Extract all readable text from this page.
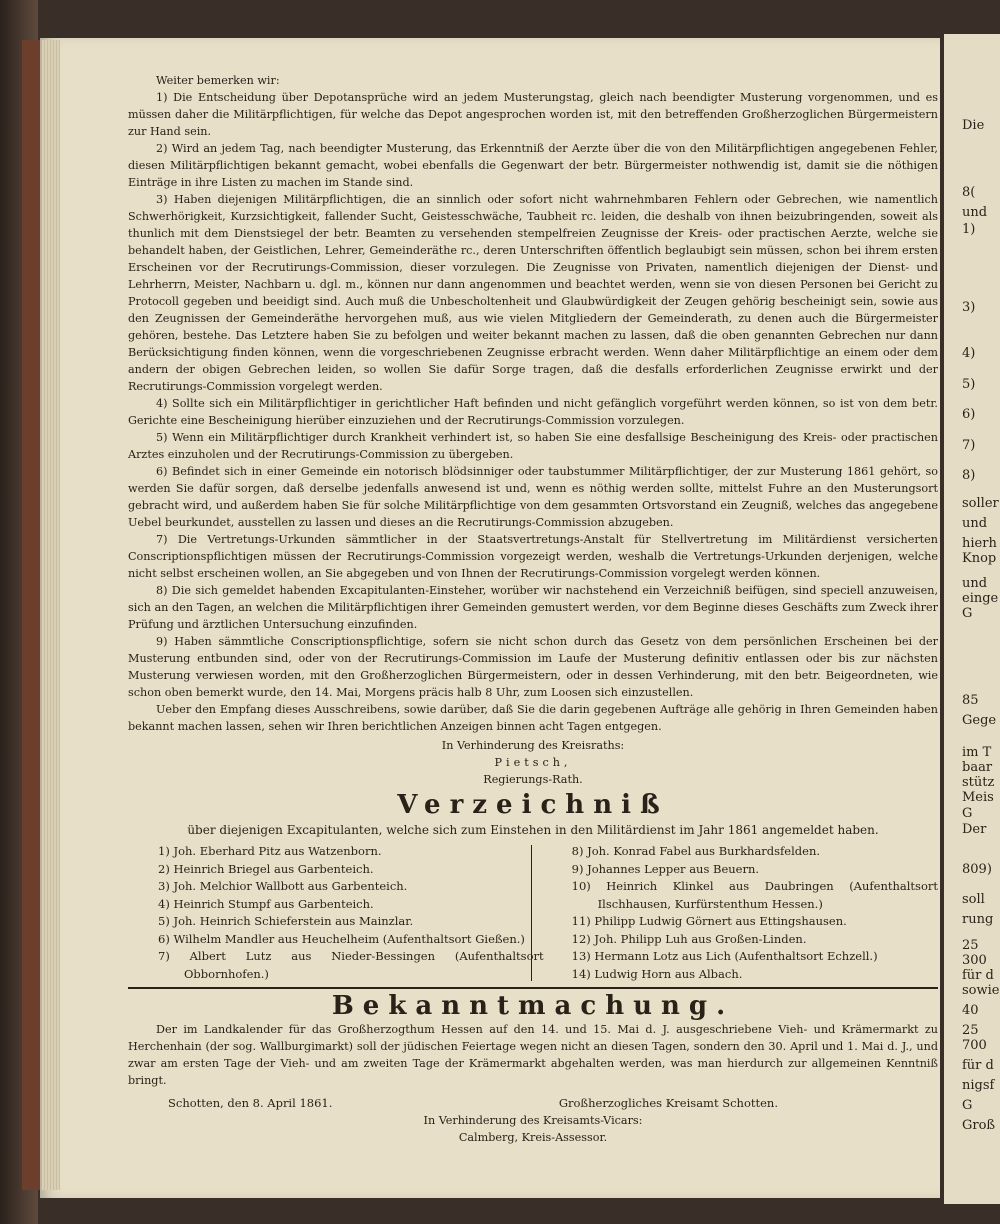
Die
8(
und
1)
3)
4)
5)
6)
7)
8)
soller
und
hierh
Knop
und
einge
G
85
Gege
im T
baar
stütz
Meis
G
Der
809)
soll
rung
25
300
für d
sowie
40
25
700
für d
nigsf
G
Groß

Weiter bemerken wir:

1) Die Entscheidung über Depotansprüche wird an jedem Musterungstag, gleich nach beendigter Musterung vorgenommen, und es müssen daher die Militärpflichtigen, für welche das Depot angesprochen worden ist, mit den betreffenden Großherzoglichen Bürgermeistern zur Hand sein.

2) Wird an jedem Tag, nach beendigter Musterung, das Erkenntniß der Aerzte über die von den Militärpflichtigen angegebenen Fehler, diesen Militärpflichtigen bekannt gemacht, wobei ebenfalls die Gegenwart der betr. Bürgermeister nothwendig ist, damit sie die nöthigen Einträge in ihre Listen zu machen im Stande sind.

3) Haben diejenigen Militärpflichtigen, die an sinnlich oder sofort nicht wahrnehmbaren Fehlern oder Gebrechen, wie namentlich Schwerhörigkeit, Kurzsichtigkeit, fallender Sucht, Geistesschwäche, Taubheit rc. leiden, die deshalb von ihnen beizubringenden, soweit als thunlich mit dem Dienstsiegel der betr. Beamten zu versehenden stempelfreien Zeugnisse der Kreis- oder practischen Aerzte, welche sie behandelt haben, der Geistlichen, Lehrer, Gemeinderäthe rc., deren Unterschriften öffentlich beglaubigt sein müssen, schon bei ihrem ersten Erscheinen vor der Recrutirungs-Commission, dieser vorzulegen. Die Zeugnisse von Privaten, namentlich diejenigen der Dienst- und Lehrherrn, Meister, Nachbarn u. dgl. m., können nur dann angenommen und beachtet werden, wenn sie von diesen Personen bei Gericht zu Protocoll gegeben und beeidigt sind. Auch muß die Unbescholtenheit und Glaubwürdigkeit der Zeugen gehörig bescheinigt sein, sowie aus den Zeugnissen der Gemeinderäthe hervorgehen muß, aus wie vielen Mitgliedern der Gemeinderath, zu denen auch die Bürgermeister gehören, bestehe. Das Letztere haben Sie zu befolgen und weiter bekannt machen zu lassen, daß die oben genannten Gebrechen nur dann Berücksichtigung finden können, wenn die vorgeschriebenen Zeugnisse erbracht werden. Wenn daher Militärpflichtige an einem oder dem andern der obigen Gebrechen leiden, so wollen Sie dafür Sorge tragen, daß die desfalls erforderlichen Zeugnisse erwirkt und der Recrutirungs-Commission vorgelegt werden.

4) Sollte sich ein Militärpflichtiger in gerichtlicher Haft befinden und nicht gefänglich vorgeführt werden können, so ist von dem betr. Gerichte eine Bescheinigung hierüber einzuziehen und der Recrutirungs-Commission vorzulegen.

5) Wenn ein Militärpflichtiger durch Krankheit verhindert ist, so haben Sie eine desfallsige Bescheinigung des Kreis- oder practischen Arztes einzuholen und der Recrutirungs-Commission zu übergeben.

6) Befindet sich in einer Gemeinde ein notorisch blödsinniger oder taubstummer Militärpflichtiger, der zur Musterung 1861 gehört, so werden Sie dafür sorgen, daß derselbe jedenfalls anwesend ist und, wenn es nöthig werden sollte, mittelst Fuhre an den Musterungsort gebracht wird, und außerdem haben Sie für solche Militärpflichtige von dem gesammten Ortsvorstand ein Zeugniß, welches das angegebene Uebel beurkundet, ausstellen zu lassen und dieses an die Recrutirungs-Commission abzugeben.

7) Die Vertretungs-Urkunden sämmtlicher in der Staatsvertretungs-Anstalt für Stellvertretung im Militärdienst versicherten Conscriptionspflichtigen müssen der Recrutirungs-Commission vorgezeigt werden, weshalb die Vertretungs-Urkunden derjenigen, welche nicht selbst erscheinen wollen, an Sie abgegeben und von Ihnen der Recrutirungs-Commission vorgelegt werden können.

8) Die sich gemeldet habenden Excapitulanten-Einsteher, worüber wir nachstehend ein Verzeichniß beifügen, sind speciell anzuweisen, sich an den Tagen, an welchen die Militärpflichtigen ihrer Gemeinden gemustert werden, vor dem Beginne dieses Geschäfts zum Zweck ihrer Prüfung und ärztlichen Untersuchung einzufinden.

9) Haben sämmtliche Conscriptionspflichtige, sofern sie nicht schon durch das Gesetz von dem persönlichen Erscheinen bei der Musterung entbunden sind, oder von der Recrutirungs-Commission im Laufe der Musterung definitiv entlassen oder bis zur nächsten Musterung verwiesen worden, mit den Großherzoglichen Bürgermeistern, oder in dessen Verhinderung, mit den betr. Beigeordneten, wie schon oben bemerkt wurde, den 14. Mai, Morgens präcis halb 8 Uhr, zum Loosen sich einzustellen.

Ueber den Empfang dieses Ausschreibens, sowie darüber, daß Sie die darin gegebenen Aufträge alle gehörig in Ihren Gemeinden haben bekannt machen lassen, sehen wir Ihren berichtlichen Anzeigen binnen acht Tagen entgegen.

In Verhinderung des Kreisraths:
Pietsch,
Regierungs-Rath.
Verzeichniß
über diejenigen Excapitulanten, welche sich zum Einstehen in den Militärdienst im Jahr 1861 angemeldet haben.

1) Joh. Eberhard Pitz aus Watzenborn.

2) Heinrich Briegel aus Garbenteich.

3) Joh. Melchior Wallbott aus Garbenteich.

4) Heinrich Stumpf aus Garbenteich.

5) Joh. Heinrich Schieferstein aus Mainzlar.

6) Wilhelm Mandler aus Heuchelheim (Aufenthaltsort Gießen.)

7) Albert Lutz aus Nieder-Bessingen (Aufenthaltsort Obbornhofen.)

8) Joh. Konrad Fabel aus Burkhardsfelden.

9) Johannes Lepper aus Beuern.

10) Heinrich Klinkel aus Daubringen (Aufenthaltsort Ilschhausen, Kurfürstenthum Hessen.)

11) Philipp Ludwig Görnert aus Ettingshausen.

12) Joh. Philipp Luh aus Großen-Linden.

13) Hermann Lotz aus Lich (Aufenthaltsort Echzell.)

14) Ludwig Horn aus Albach.

Bekanntmachung.

Der im Landkalender für das Großherzogthum Hessen auf den 14. und 15. Mai d. J. ausgeschriebene Vieh- und Krämermarkt zu Herchenhain (der sog. Wallburgimarkt) soll der jüdischen Feiertage wegen nicht an diesen Tagen, sondern den 30. April und 1. Mai d. J., und zwar am ersten Tage der Vieh- und am zweiten Tage der Krämermarkt abgehalten werden, was man hierdurch zur allgemeinen Kenntniß bringt.

Schotten, den 8. April 1861.	Großherzogliches Kreisamt Schotten.
In Verhinderung des Kreisamts-Vicars:
Calmberg, Kreis-Assessor.
